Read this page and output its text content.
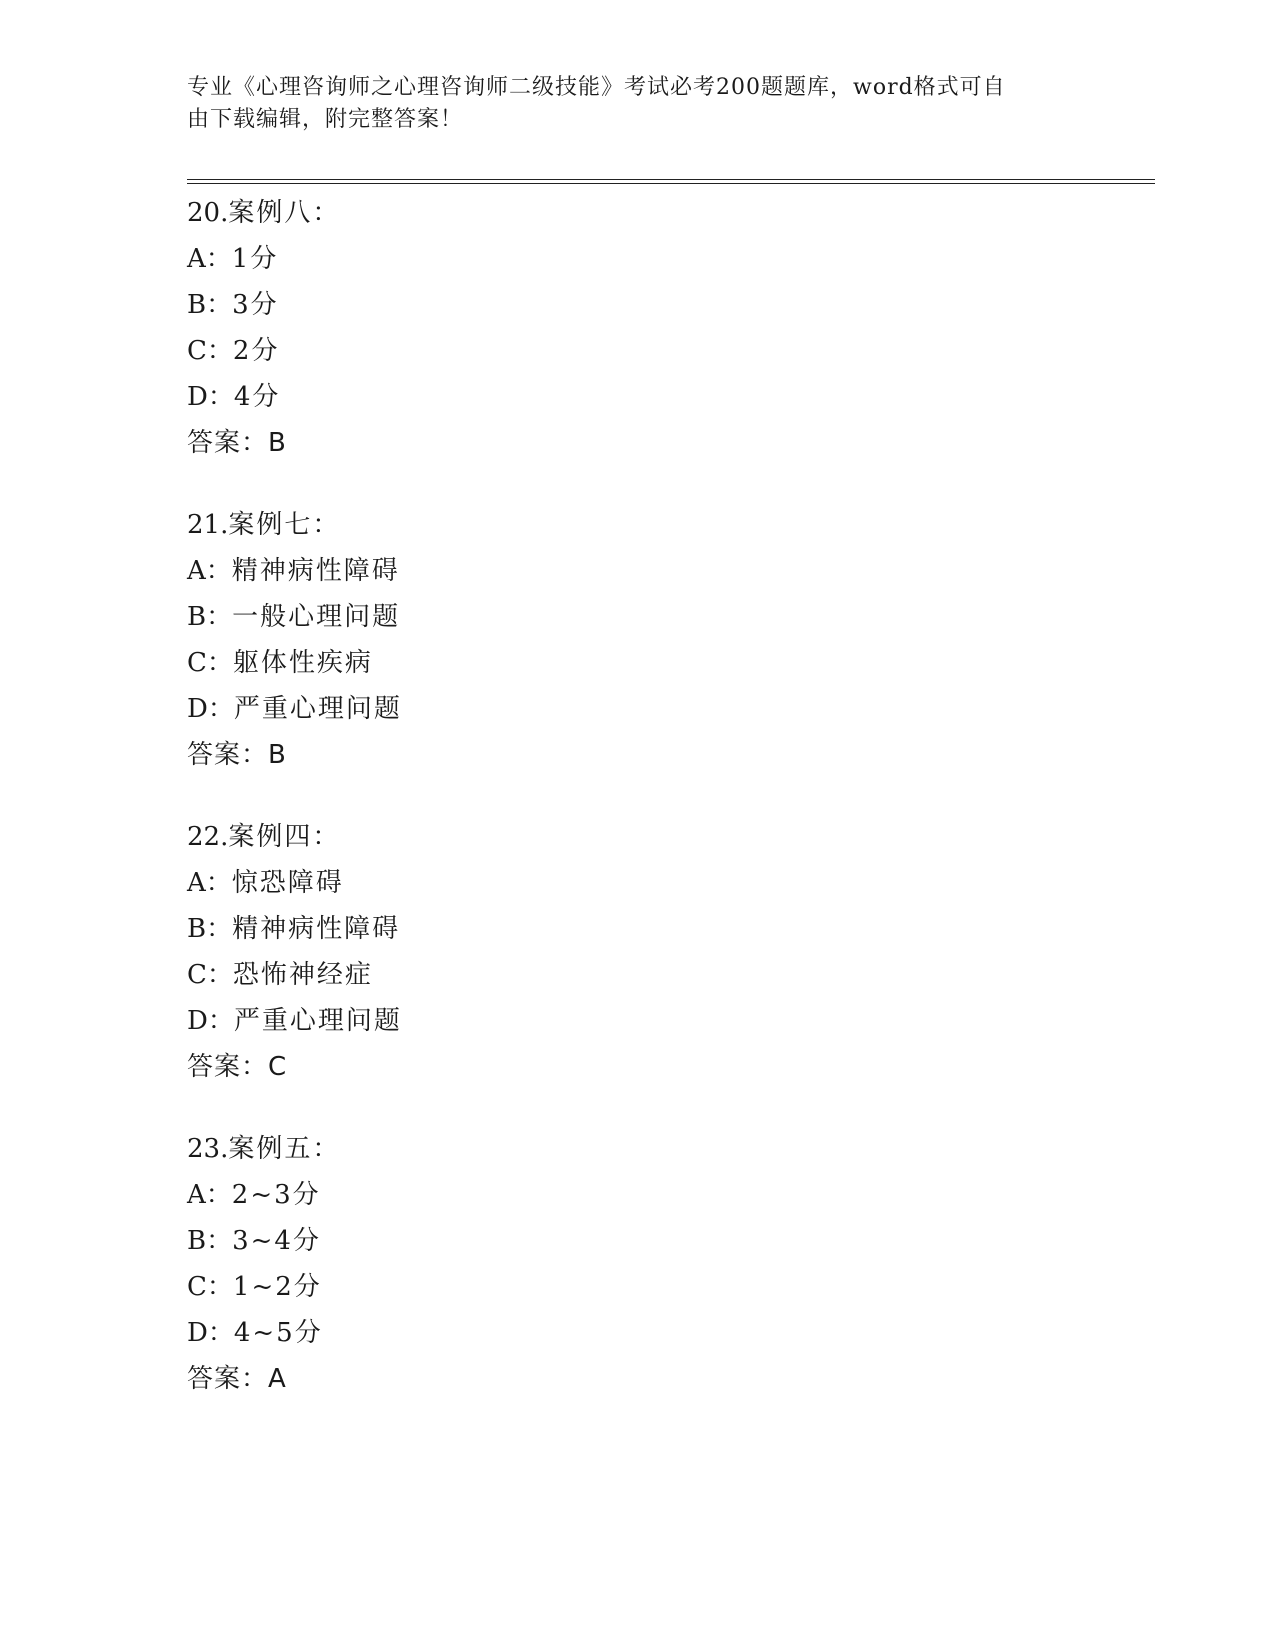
专业《心理咨询师之心理咨询师二级技能》考试必考200题题库，word格式可自
由下载编辑，附完整答案！
20.案例八：
A：1分
B：3分
C：2分
D：4分
答案：B
21.案例七：
A：精神病性障碍
B：一般心理问题
C：躯体性疾病
D：严重心理问题
答案：B
22.案例四：
A：惊恐障碍
B：精神病性障碍
C：恐怖神经症
D：严重心理问题
答案：C
23.案例五：
A：2~3分
B：3~4分
C：1~2分
D：4~5分
答案：A
